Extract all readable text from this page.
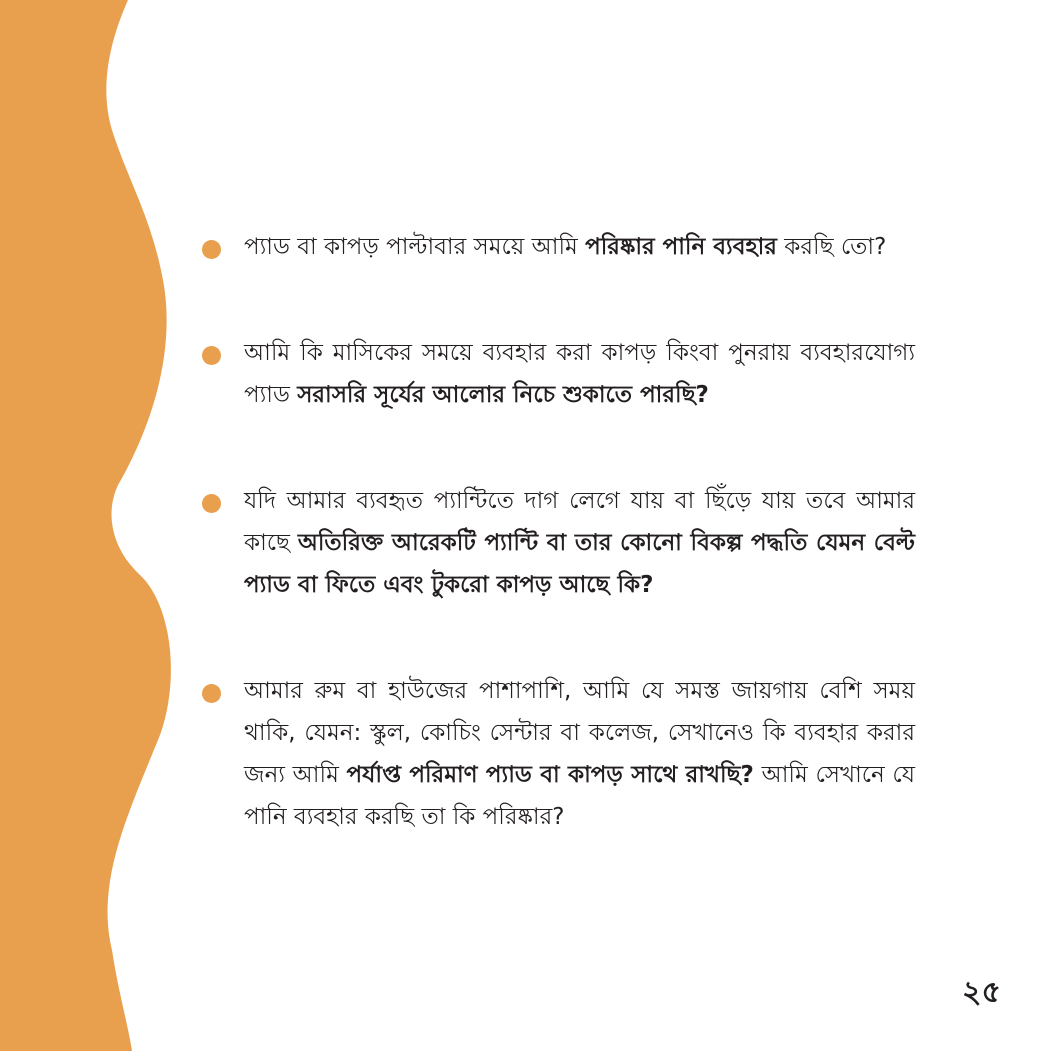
প্যাড বা কাপড় পাল্টাবার সময়ে আমি পরিষ্কার পানি ব্যবহার করছি তো?
আমি কি মাসিকের সময়ে ব্যবহার করা কাপড় কিংবা পুনরায় ব্যবহারযোগ্য প্যাড সরাসরি সূর্যের আলোর নিচে শুকাতে পারছি?
যদি আমার ব্যবহৃত প্যান্টিতে দাগ লেগে যায় বা ছিঁড়ে যায় তবে আমার কাছে অতিরিক্ত আরেকটি প্যান্টি বা তার কোনো বিকল্প পদ্ধতি যেমন বেল্ট প্যাড বা ফিতে এবং টুকরো কাপড় আছে কি?
আমার রুম বা হাউজের পাশাপাশি, আমি যে সমস্ত জায়গায় বেশি সময় থাকি, যেমন: স্কুল, কোচিং সেন্টার বা কলেজ, সেখানেও কি ব্যবহার করার জন্য আমি পর্যাপ্ত পরিমাণ প্যাড বা কাপড় সাথে রাখছি? আমি সেখানে যে পানি ব্যবহার করছি তা কি পরিষ্কার?
২৫
